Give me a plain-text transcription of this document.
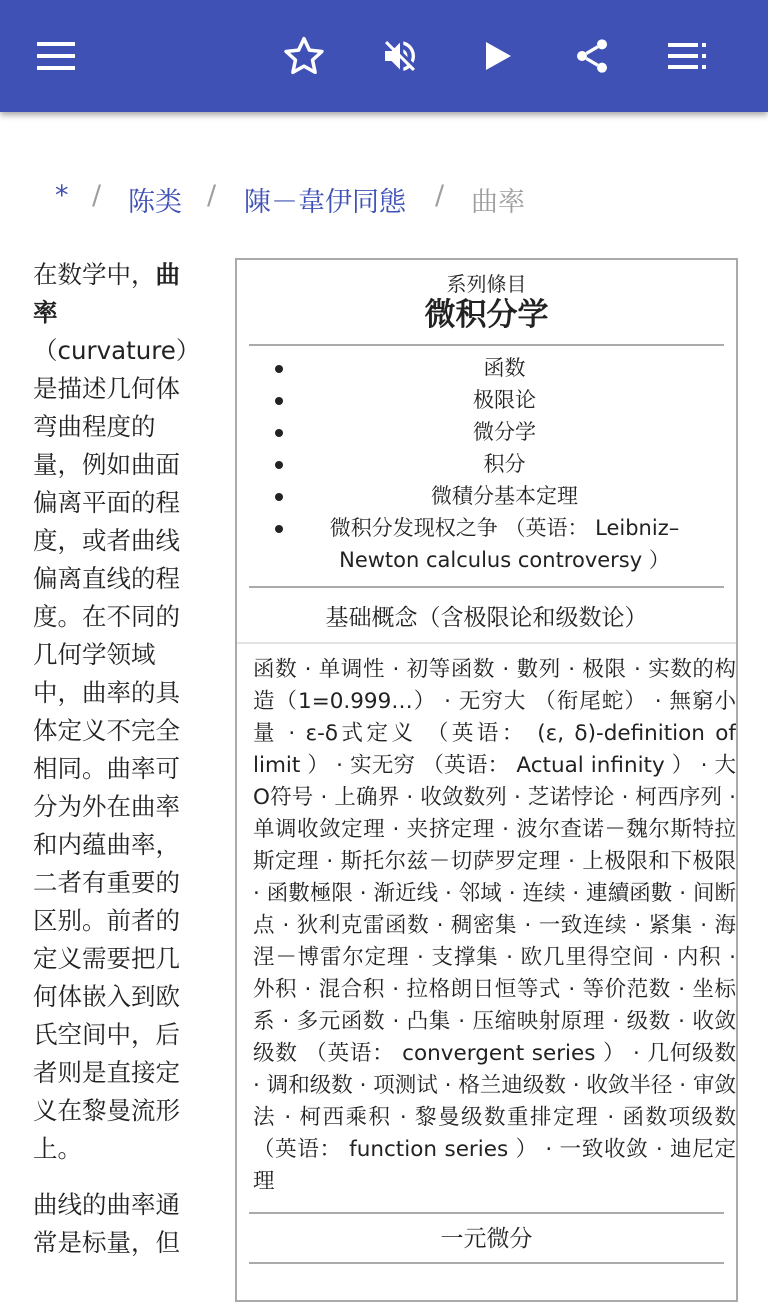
* / 陈类 / 陳－韋伊同態 / 曲率

在数学中，曲率（curvature）是描述几何体弯曲程度的量，例如曲面偏离平面的程度，或者曲线偏离直线的程度。在不同的几何学领域中，曲率的具体定义不完全相同。曲率可分为外在曲率和内蕴曲率，二者有重要的区别。前者的定义需要把几何体嵌入到欧氏空间中，后者则是直接定义在黎曼流形上。

曲线的曲率通常是标量，但

系列條目
微积分学
函数
极限论
微分学
积分
微積分基本定理
微积分发现权之争 （英语： Leibniz–Newton calculus controversy ）
基础概念（含极限论和级数论）
函数 · 单调性 · 初等函数 · 數列 · 极限 · 实数的构造（1=0.999…） · 无穷大 （衔尾蛇） · 無窮小量 · ε-δ式定义 （英语： (ε, δ)-definition of limit ） · 实无穷 （英语： Actual infinity ） · 大O符号 · 上确界 · 收敛数列 · 芝诺悖论 · 柯西序列 · 单调收敛定理 · 夹挤定理 · 波尔查诺－魏尔斯特拉斯定理 · 斯托尔兹－切萨罗定理 · 上极限和下极限 · 函數極限 · 渐近线 · 邻域 · 连续 · 連續函數 · 间断点 · 狄利克雷函数 · 稠密集 · 一致连续 · 紧集 · 海涅－博雷尔定理 · 支撑集 · 欧几里得空间 · 内积 · 外积 · 混合积 · 拉格朗日恒等式 · 等价范数 · 坐标系 · 多元函数 · 凸集 · 压缩映射原理 · 级数 · 收敛级数 （英语： convergent series ） · 几何级数 · 调和级数 · 项测试 · 格兰迪级数 · 收敛半径 · 审敛法 · 柯西乘积 · 黎曼级数重排定理 · 函数项级数 （英语： function series ） · 一致收敛 · 迪尼定理
一元微分
